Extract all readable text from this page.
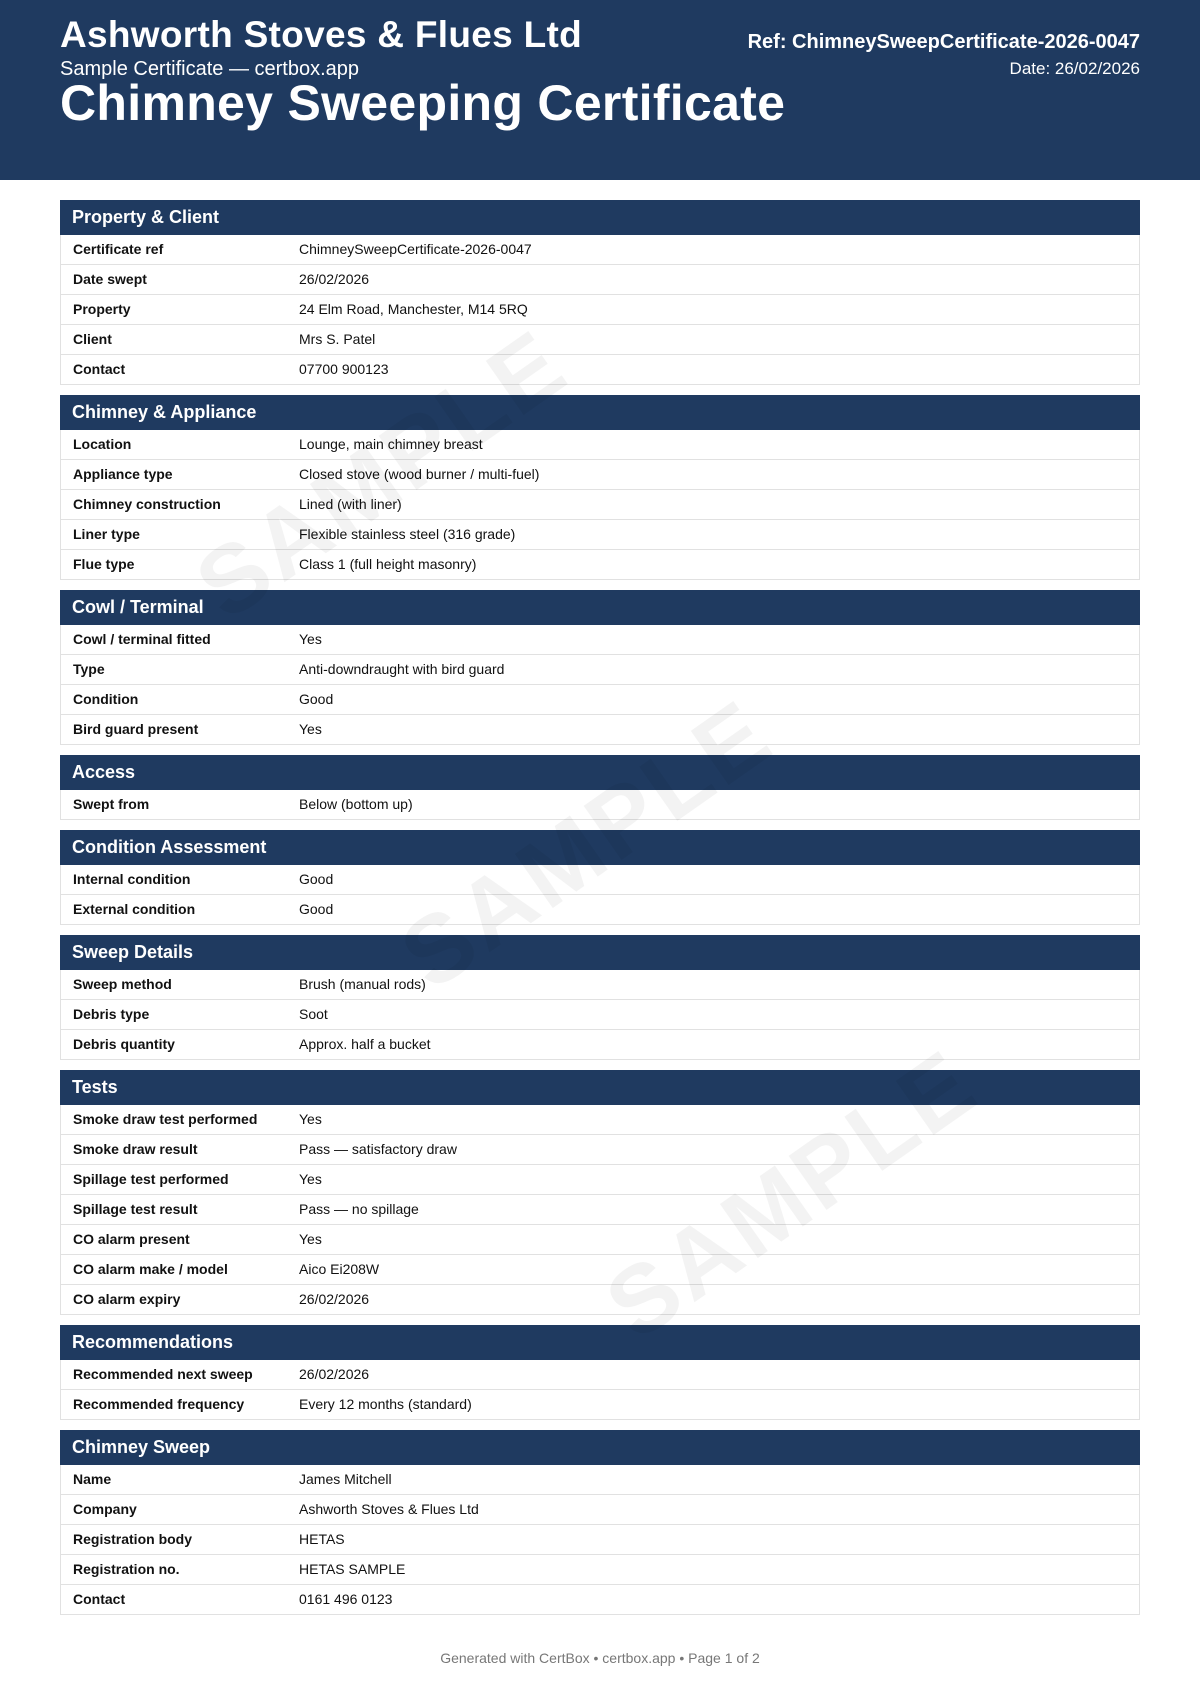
Ashworth Stoves & Flues Ltd
Sample Certificate — certbox.app
Chimney Sweeping Certificate
Ref: ChimneySweepCertificate-2026-0047
Date: 26/02/2026
Property & Client
Certificate ref	ChimneySweepCertificate-2026-0047
Date swept	26/02/2026
Property	24 Elm Road, Manchester, M14 5RQ
Client	Mrs S. Patel
Contact	07700 900123
Chimney & Appliance
Location	Lounge, main chimney breast
Appliance type	Closed stove (wood burner / multi-fuel)
Chimney construction	Lined (with liner)
Liner type	Flexible stainless steel (316 grade)
Flue type	Class 1 (full height masonry)
Cowl / Terminal
Cowl / terminal fitted	Yes
Type	Anti-downdraught with bird guard
Condition	Good
Bird guard present	Yes
Access
Swept from	Below (bottom up)
Condition Assessment
Internal condition	Good
External condition	Good
Sweep Details
Sweep method	Brush (manual rods)
Debris type	Soot
Debris quantity	Approx. half a bucket
Tests
Smoke draw test performed	Yes
Smoke draw result	Pass — satisfactory draw
Spillage test performed	Yes
Spillage test result	Pass — no spillage
CO alarm present	Yes
CO alarm make / model	Aico Ei208W
CO alarm expiry	26/02/2026
Recommendations
Recommended next sweep	26/02/2026
Recommended frequency	Every 12 months (standard)
Chimney Sweep
Name	James Mitchell
Company	Ashworth Stoves & Flues Ltd
Registration body	HETAS
Registration no.	HETAS SAMPLE
Contact	0161 496 0123
Generated with CertBox • certbox.app • Page 1 of 2
